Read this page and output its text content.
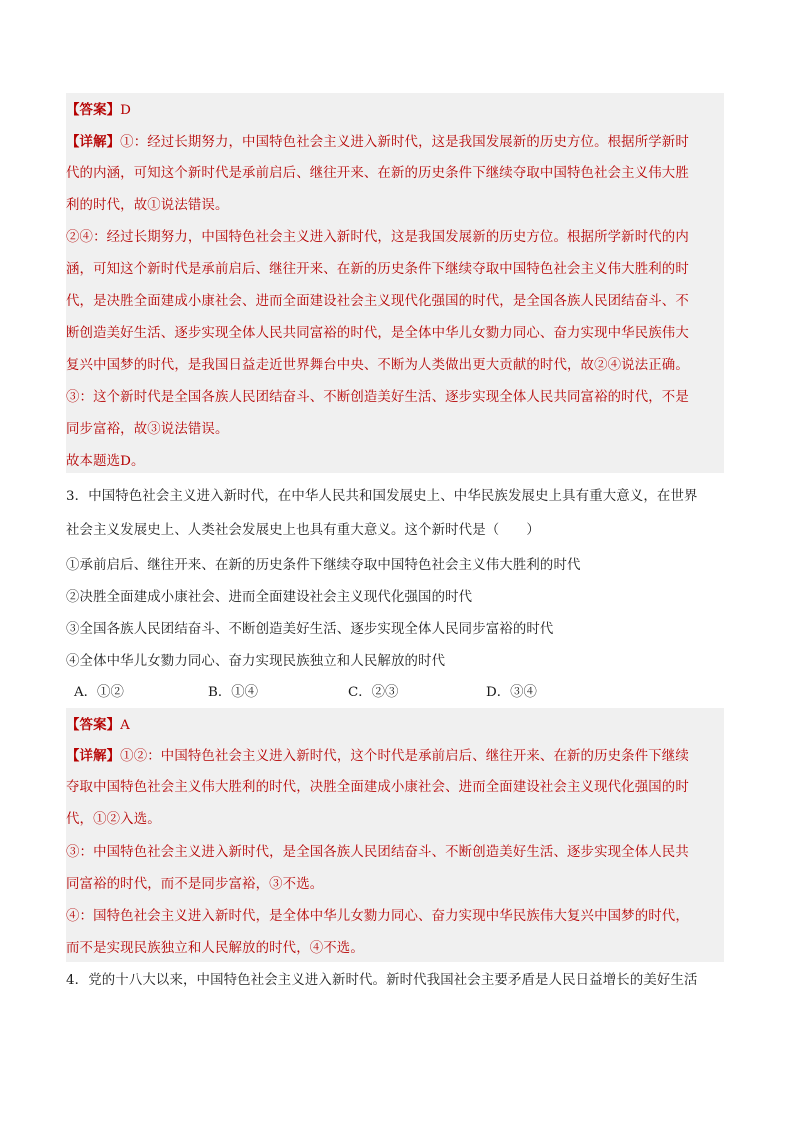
【答案】D
【详解】①：经过长期努力，中国特色社会主义进入新时代，这是我国发展新的历史方位。根据所学新时
代的内涵，可知这个新时代是承前启后、继往开来、在新的历史条件下继续夺取中国特色社会主义伟大胜
利的时代，故①说法错误。
②④：经过长期努力，中国特色社会主义进入新时代，这是我国发展新的历史方位。根据所学新时代的内
涵，可知这个新时代是承前启后、继往开来、在新的历史条件下继续夺取中国特色社会主义伟大胜利的时
代，是决胜全面建成小康社会、进而全面建设社会主义现代化强国的时代，是全国各族人民团结奋斗、不
断创造美好生活、逐步实现全体人民共同富裕的时代，是全体中华儿女勠力同心、奋力实现中华民族伟大
复兴中国梦的时代，是我国日益走近世界舞台中央、不断为人类做出更大贡献的时代，故②④说法正确。
③：这个新时代是全国各族人民团结奋斗、不断创造美好生活、逐步实现全体人民共同富裕的时代，不是
同步富裕，故③说法错误。
故本题选D。
3．中国特色社会主义进入新时代，在中华人民共和国发展史上、中华民族发展史上具有重大意义，在世界
社会主义发展史上、人类社会发展史上也具有重大意义。这个新时代是（　　）
①承前启后、继往开来、在新的历史条件下继续夺取中国特色社会主义伟大胜利的时代
②决胜全面建成小康社会、进而全面建设社会主义现代化强国的时代
③全国各族人民团结奋斗、不断创造美好生活、逐步实现全体人民同步富裕的时代
④全体中华儿女勠力同心、奋力实现民族独立和人民解放的时代
A．①②	B．①④	C．②③	D．③④
【答案】A
【详解】①②：中国特色社会主义进入新时代，这个时代是承前启后、继往开来、在新的历史条件下继续
夺取中国特色社会主义伟大胜利的时代，决胜全面建成小康社会、进而全面建设社会主义现代化强国的时
代，①②入选。
③：中国特色社会主义进入新时代，是全国各族人民团结奋斗、不断创造美好生活、逐步实现全体人民共
同富裕的时代，而不是同步富裕，③不选。
④：国特色社会主义进入新时代，是全体中华儿女勠力同心、奋力实现中华民族伟大复兴中国梦的时代，
而不是实现民族独立和人民解放的时代，④不选。
4．党的十八大以来，中国特色社会主义进入新时代。新时代我国社会主要矛盾是人民日益增长的美好生活
